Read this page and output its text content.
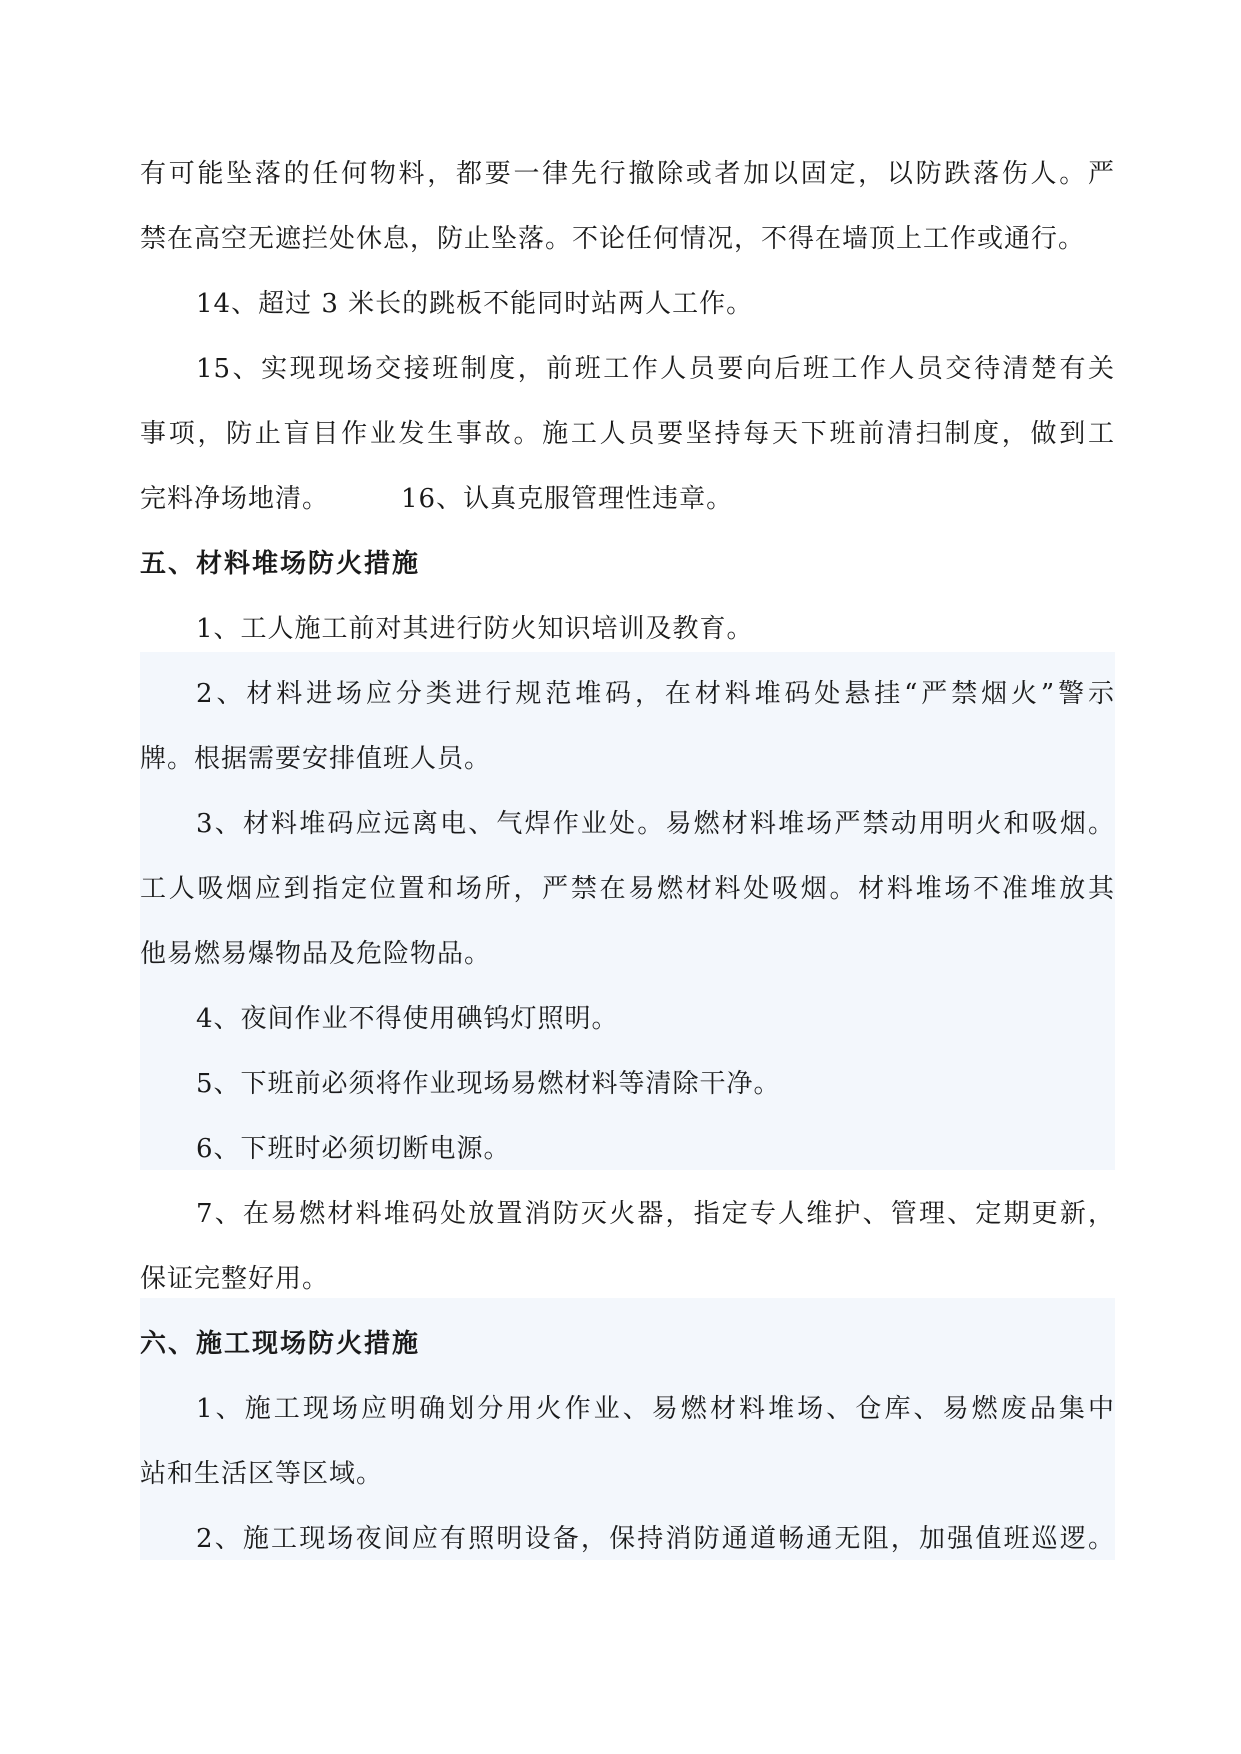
有可能坠落的任何物料，都要一律先行撤除或者加以固定，以防跌落伤人。严
禁在高空无遮拦处休息，防止坠落。不论任何情况，不得在墙顶上工作或通行。
14、超过 3 米长的跳板不能同时站两人工作。
15、实现现场交接班制度，前班工作人员要向后班工作人员交待清楚有关
事项，防止盲目作业发生事故。施工人员要坚持每天下班前清扫制度，做到工
完料净场地清。	16、认真克服管理性违章。
五、材料堆场防火措施
1、工人施工前对其进行防火知识培训及教育。
2、材料进场应分类进行规范堆码，在材料堆码处悬挂“严禁烟火”警示
牌。根据需要安排值班人员。
3、材料堆码应远离电、气焊作业处。易燃材料堆场严禁动用明火和吸烟。
工人吸烟应到指定位置和场所，严禁在易燃材料处吸烟。材料堆场不准堆放其
他易燃易爆物品及危险物品。
4、夜间作业不得使用碘钨灯照明。
5、下班前必须将作业现场易燃材料等清除干净。
6、下班时必须切断电源。
7、在易燃材料堆码处放置消防灭火器，指定专人维护、管理、定期更新，
保证完整好用。
六、施工现场防火措施
1、施工现场应明确划分用火作业、易燃材料堆场、仓库、易燃废品集中
站和生活区等区域。
2、施工现场夜间应有照明设备，保持消防通道畅通无阻，加强值班巡逻。
